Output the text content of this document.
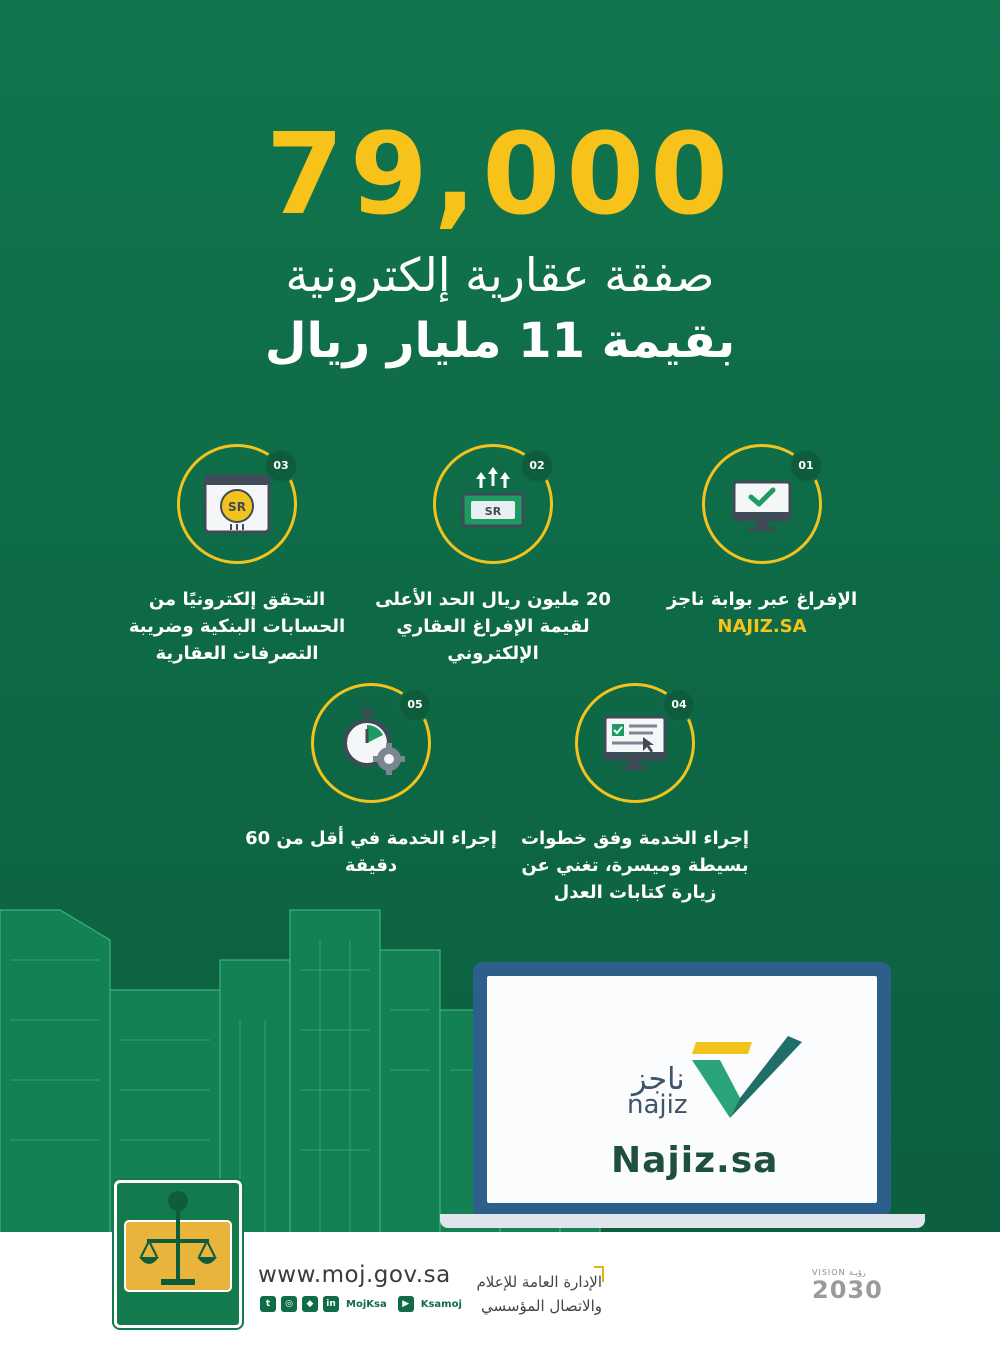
79,000
صفقة عقارية إلكترونية
بقيمة 11 مليار ريال
01
الإفراغ عبر بوابة ناجز
NAJIZ.SA
02
SR
20 مليون ريال الحد الأعلى لقيمة الإفراغ العقاري الإلكتروني
03
SR
التحقق إلكترونيًا من الحسابات البنكية وضريبة التصرفات العقارية
04
إجراء الخدمة وفق خطوات بسيطة وميسرة، تغني عن زيارة كتابات العدل
05
إجراء الخدمة في أقل من 60 دقيقة
ناجز
najiz
Najiz.sa
www.moj.gov.sa
t	◎	◆	in	MojKsa	▶	Ksamoj
الإدارة العامة للإعلام
والاتصال المؤسسي
VISION رؤيـة
2030
